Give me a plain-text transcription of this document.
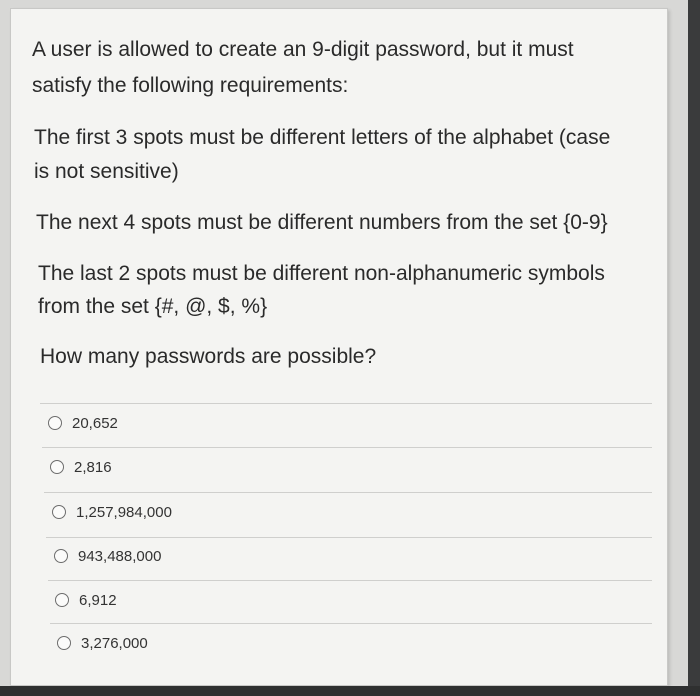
A user is allowed to create an 9-digit password, but it must

satisfy the following requirements:

The first 3 spots must be different letters of the alphabet (case

is not sensitive)

The next 4 spots must be different numbers from the set {0-9}

The last 2 spots must be different non-alphanumeric symbols

from the set {#, @, $, %}

How many passwords are possible?

20,652
2,816
1,257,984,000
943,488,000
6,912
3,276,000
